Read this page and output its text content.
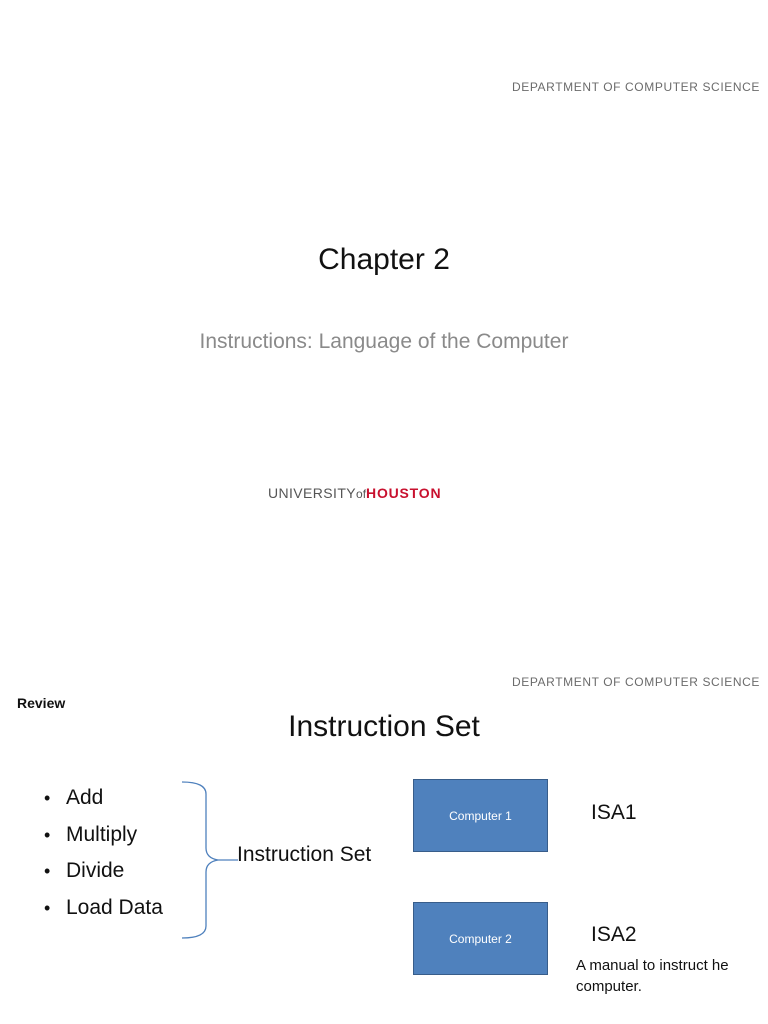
DEPARTMENT OF COMPUTER SCIENCE
Chapter 2
Instructions: Language of the Computer
UNIVERSITYofHOUSTON
DEPARTMENT OF COMPUTER SCIENCE
Review
Instruction Set
• Add
• Multiply
• Divide
• Load Data
Instruction Set
Computer 1	ISA1
Computer 2	ISA2
A manual to instruct he computer.
